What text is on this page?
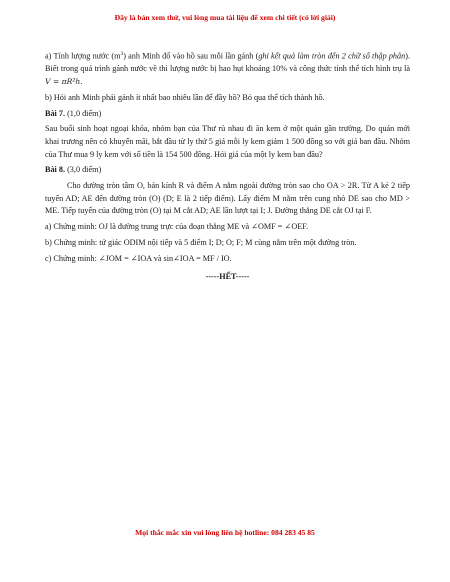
Đây là bản xem thử, vui lòng mua tài liệu để xem chi tiết (có lời giải)

a) Tính lượng nước $(m^3)$ anh Minh đổ vào hồ sau mỗi lần gánh (ghi kết quả làm tròn đến 2 chữ số thập phân). Biết trong quá trình gánh nước về thì lượng nước bị hao hụt khoảng 10% và công thức tính thể tích hình trụ là V = πR²h.

b) Hỏi anh Minh phải gánh ít nhất bao nhiêu lần để đầy hồ? Bỏ qua thể tích thành hồ.

Bài 7. (1,0 điểm)

Sau buổi sinh hoạt ngoại khóa, nhóm bạn của Thư rủ nhau đi ăn kem ở một quán gần trường. Do quán mới khai trương nên có khuyến mãi, bắt đầu từ ly thứ 5 giá mỗi ly kem giảm 1 500 đồng so với giá ban đầu. Nhóm của Thư mua 9 ly kem với số tiền là 154 500 đồng. Hỏi giá của một ly kem ban đầu?

Bài 8. (3,0 điểm)

Cho đường tròn tâm O, bán kính R và điểm A nằm ngoài đường tròn sao cho OA > 2R. Từ A kẻ 2 tiếp tuyến AD; AE đến đường tròn (O) (D; E là 2 tiếp điểm). Lấy điểm M nằm trên cung nhỏ DE sao cho MD > ME. Tiếp tuyến của đường tròn (O) tại M cắt AD; AE lần lượt tại I; J. Đường thẳng DE cắt OJ tại F.

a) Chứng minh: OJ là đường trung trực của đoạn thẳng ME và ∠OMF = ∠OEF.

b) Chứng minh: tứ giác ODIM nội tiếp và 5 điểm I; D; O; F; M cùng nằm trên một đường tròn.

c) Chứng minh: ∠JOM = ∠IOA và sin∠IOA = MF / IO.

-----HẾT-----
Mọi thắc mắc xin vui lòng liên hệ hotline: 084 283 45 85
